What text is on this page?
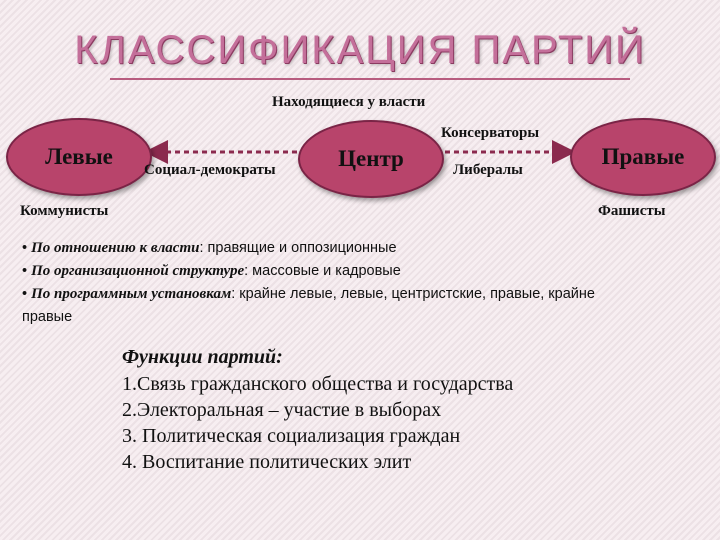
КЛАССИФИКАЦИЯ ПАРТИЙ
Находящиеся у власти
Левые	Центр	Правые
Социал-демократы
Консерваторы
Либералы
Коммунисты	Фашисты

• По отношению к власти: правящие и оппозиционные

• По организационной структуре: массовые и кадровые

• По программным установкам: крайне левые, левые, центристские, правые, крайне правые

Функции партий:
1.Связь гражданского общества и государства
2.Электоральная – участие в выборах
3. Политическая социализация граждан
4. Воспитание политических элит
